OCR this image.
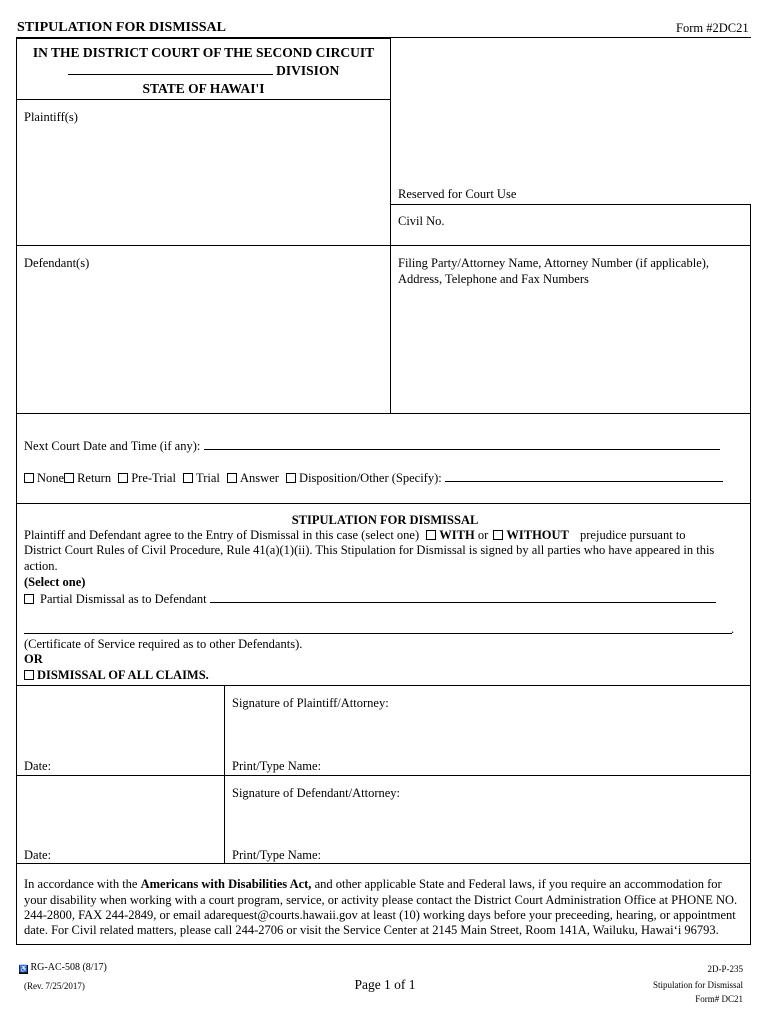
STIPULATION FOR DISMISSAL	Form #2DC21
IN THE DISTRICT COURT OF THE SECOND CIRCUIT
DIVISION
STATE OF HAWAI'I
Plaintiff(s)
Reserved for Court Use
Civil No.
Defendant(s)	Filing Party/Attorney Name, Attorney Number (if applicable),
Address, Telephone and Fax Numbers
Next Court Date and Time (if any):
None Return Pre-Trial Trial Answer Disposition/Other (Specify):
STIPULATION FOR DISMISSAL
Plaintiff and Defendant agree to the Entry of Dismissal in this case (select one) WITH or WITHOUT prejudice pursuant to
District Court Rules of Civil Procedure, Rule 41(a)(1)(ii). This Stipulation for Dismissal is signed by all parties who have appeared in this
action.
(Select one)
Partial Dismissal as to Defendant
.
(Certificate of Service required as to other Defendants).
OR
DISMISSAL OF ALL CLAIMS.
Signature of Plaintiff/Attorney:
Date:	Print/Type Name:
Signature of Defendant/Attorney:
Date:	Print/Type Name:
In accordance with the Americans with Disabilities Act, and other applicable State and Federal laws, if you require an accommodation for
your disability when working with a court program, service, or activity please contact the District Court Administration Office at PHONE NO.
244-2800, FAX 244-2849, or email adarequest@courts.hawaii.gov at least (10) working days before your preceeding, hearing, or appointment
date. For Civil related matters, please call 244-2706 or visit the Service Center at 2145 Main Street, Room 141A, Wailuku, Hawai‘i 96793.
♿ RG-AC-508 (8/17)
(Rev. 7/25/2017)	Page 1 of 1
2D-P-235
Stipulation for Dismissal
Form# DC21
